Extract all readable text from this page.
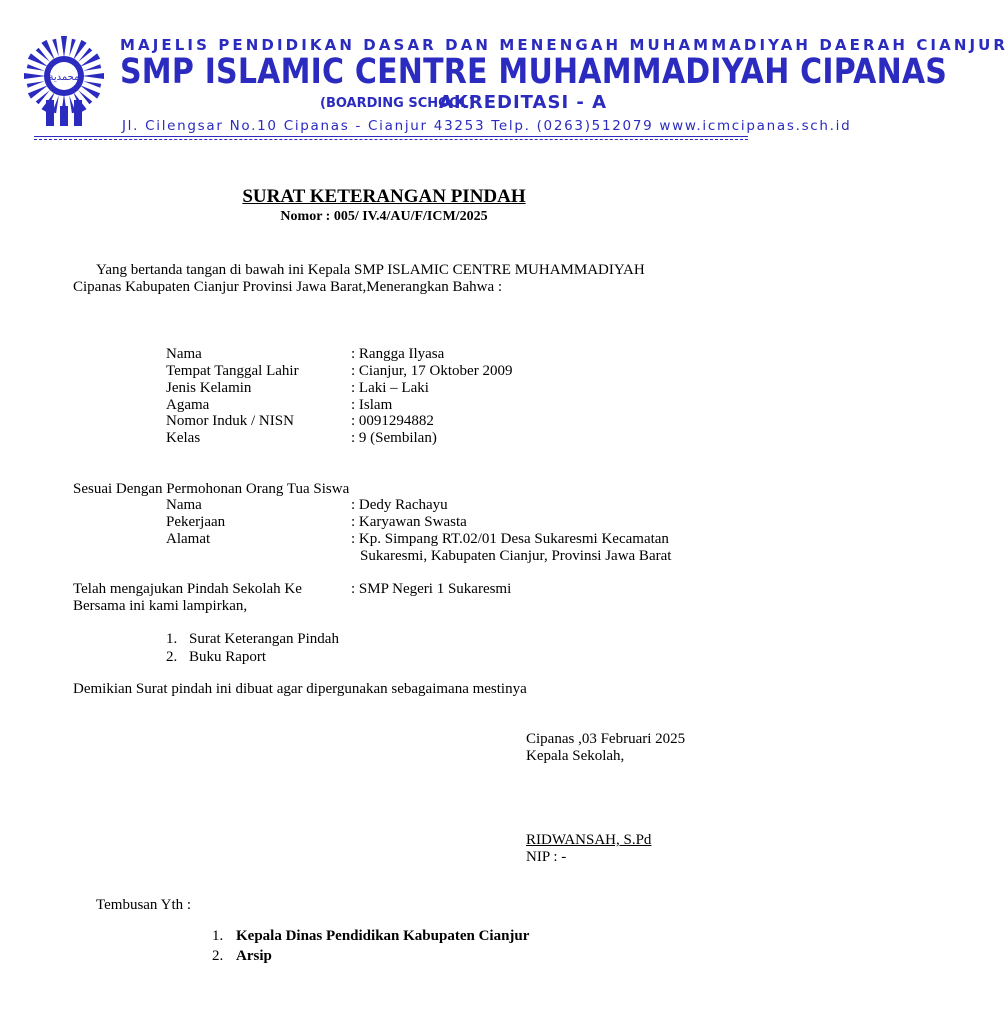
محمدية
MAJELIS PENDIDIKAN DASAR DAN MENENGAH MUHAMMADIYAH DAERAH CIANJUR
SMP ISLAMIC CENTRE MUHAMMADIYAH CIPANAS
(BOARDING SCHOOL)
AKREDITASI - A
Jl. Cilengsar No.10 Cipanas - Cianjur 43253 Telp. (0263)512079 www.icmcipanas.sch.id
SURAT KETERANGAN PINDAH
Nomor : 005/ IV.4/AU/F/ICM/2025
Yang bertanda tangan di bawah ini Kepala SMP ISLAMIC CENTRE MUHAMMADIYAH
Cipanas Kabupaten Cianjur Provinsi Jawa Barat,Menerangkan Bahwa :
Nama	: Rangga Ilyasa
Tempat Tanggal Lahir	: Cianjur, 17 Oktober 2009
Jenis Kelamin	: Laki – Laki
Agama	: Islam
Nomor Induk / NISN	: 0091294882
Kelas	: 9 (Sembilan)
Sesuai Dengan Permohonan Orang Tua Siswa
Nama	: Dedy Rachayu
Pekerjaan	: Karyawan Swasta
Alamat	: Kp. Simpang RT.02/01 Desa Sukaresmi Kecamatan
Sukaresmi, Kabupaten Cianjur, Provinsi Jawa Barat
Telah mengajukan Pindah Sekolah Ke	: SMP Negeri 1 Sukaresmi
Bersama ini kami lampirkan,
1. Surat Keterangan Pindah
2. Buku Raport
Demikian Surat pindah ini dibuat agar dipergunakan sebagaimana mestinya
Cipanas ,03 Februari 2025
Kepala Sekolah,
RIDWANSAH, S.Pd
NIP : -
Tembusan Yth :
1. Kepala Dinas Pendidikan Kabupaten Cianjur
2. Arsip
